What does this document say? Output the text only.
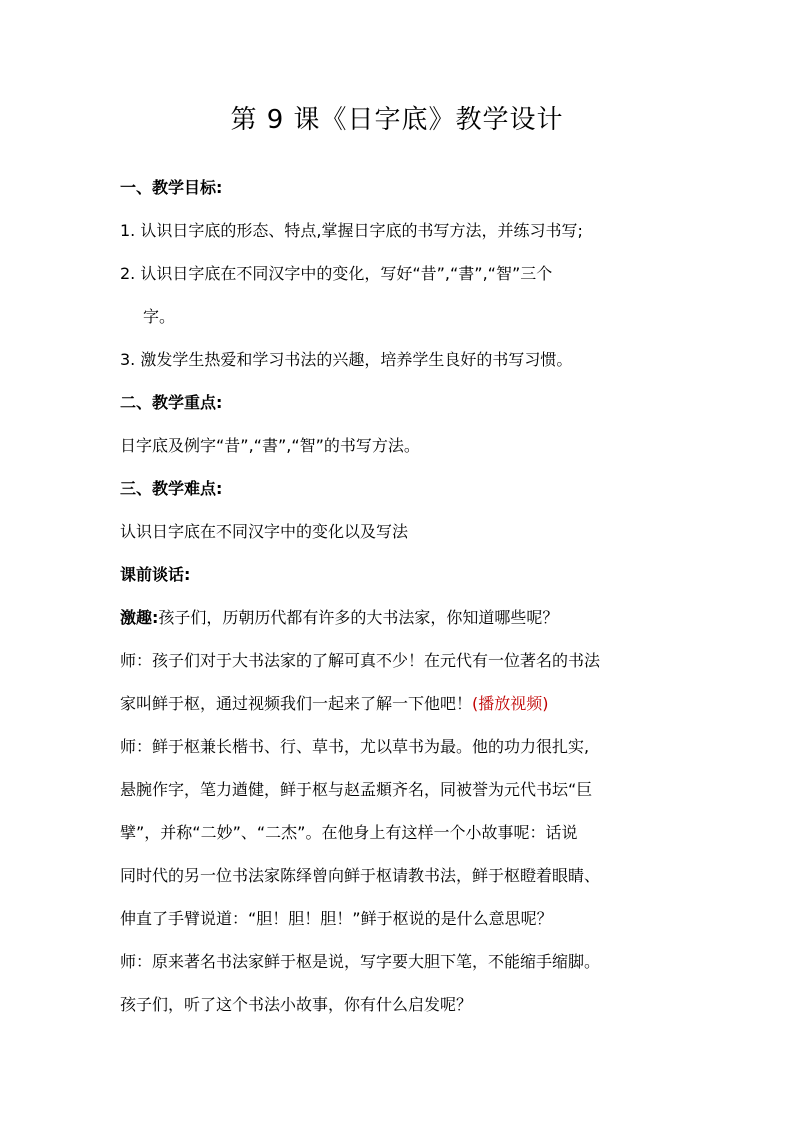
第 9 课《日字底》教学设计
一、教学目标:
1. 认识日字底的形态、特点,掌握日字底的书写方法，并练习书写;
2. 认识日字底在不同汉字中的变化，写好“昔”,“書”,“智”三个
字。
3. 激发学生热爱和学习书法的兴趣，培养学生良好的书写习惯。
二、教学重点:
日字底及例字“昔”,“書”,“智”的书写方法。
三、教学难点:
认识日字底在不同汉字中的变化以及写法
课前谈话:
激趣:孩子们，历朝历代都有许多的大书法家，你知道哪些呢？
师：孩子们对于大书法家的了解可真不少！在元代有一位著名的书法
家叫鲜于枢，通过视频我们一起来了解一下他吧！(播放视频)
师：鲜于枢兼长楷书、行、草书，尤以草书为最。他的功力很扎实,
悬腕作字，笔力遒健，鲜于枢与赵孟頫齐名，同被誉为元代书坛“巨
擘”，并称“二妙”、“二杰”。在他身上有这样一个小故事呢：话说
同时代的另一位书法家陈绎曾向鲜于枢请教书法，鲜于枢瞪着眼睛、
伸直了手臂说道：“胆！胆！胆！”鲜于枢说的是什么意思呢？
师：原来著名书法家鲜于枢是说，写字要大胆下笔，不能缩手缩脚。
孩子们，听了这个书法小故事，你有什么启发呢？
